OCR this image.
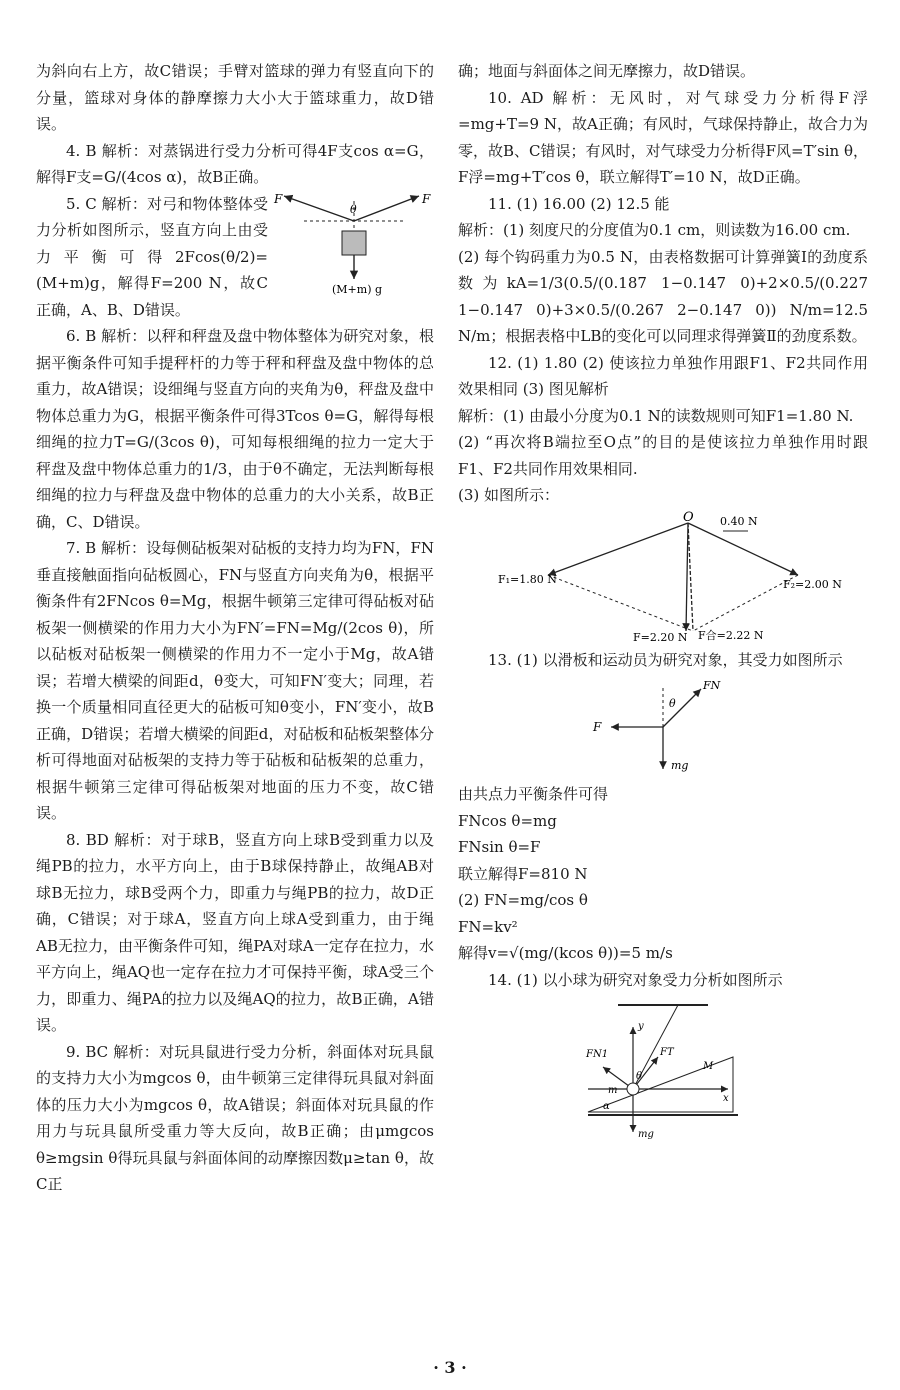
为斜向右上方，故C错误；手臂对篮球的弹力有竖直向下的分量，篮球对身体的静摩擦力大小大于篮球重力，故D错误。

4. B 解析：对蒸锅进行受力分析可得4F支cos α=G，解得F支=G/(4cos α)，故B正确。

F	F
θ
(M+m) g

5. C 解析：对弓和物体整体受力分析如图所示，竖直方向上由受力平衡可得2Fcos(θ/2)=(M+m)g，解得F=200 N，故C正确，A、B、D错误。

6. B 解析：以秤和秤盘及盘中物体整体为研究对象，根据平衡条件可知手提秤杆的力等于秤和秤盘及盘中物体的总重力，故A错误；设细绳与竖直方向的夹角为θ，秤盘及盘中物体总重力为G，根据平衡条件可得3Tcos θ=G，解得每根细绳的拉力T=G/(3cos θ)，可知每根细绳的拉力一定大于秤盘及盘中物体总重力的1/3，由于θ不确定，无法判断每根细绳的拉力与秤盘及盘中物体的总重力的大小关系，故B正确，C、D错误。

7. B 解析：设每侧砧板架对砧板的支持力均为FN，FN垂直接触面指向砧板圆心，FN与竖直方向夹角为θ，根据平衡条件有2FNcos θ=Mg，根据牛顿第三定律可得砧板对砧板架一侧横梁的作用力大小为FN′=FN=Mg/(2cos θ)，所以砧板对砧板架一侧横梁的作用力不一定小于Mg，故A错误；若增大横梁的间距d，θ变大，可知FN′变大；同理，若换一个质量相同直径更大的砧板可知θ变小，FN′变小，故B正确，D错误；若增大横梁的间距d，对砧板和砧板架整体分析可得地面对砧板架的支持力等于砧板和砧板架的总重力，根据牛顿第三定律可得砧板架对地面的压力不变，故C错误。

8. BD 解析：对于球B，竖直方向上球B受到重力以及绳PB的拉力，水平方向上，由于B球保持静止，故绳AB对球B无拉力，球B受两个力，即重力与绳PB的拉力，故D正确，C错误；对于球A，竖直方向上球A受到重力，由于绳AB无拉力，由平衡条件可知，绳PA对球A一定存在拉力，水平方向上，绳AQ也一定存在拉力才可保持平衡，球A受三个力，即重力、绳PA的拉力以及绳AQ的拉力，故B正确，A错误。

9. BC 解析：对玩具鼠进行受力分析，斜面体对玩具鼠的支持力大小为mgcos θ，由牛顿第三定律得玩具鼠对斜面体的压力大小为mgcos θ，故A错误；斜面体对玩具鼠的作用力与玩具鼠所受重力等大反向，故B正确；由μmgcos θ≥mgsin θ得玩具鼠与斜面体间的动摩擦因数μ≥tan θ，故C正

确；地面与斜面体之间无摩擦力，故D错误。

10. AD 解析：无风时，对气球受力分析得F浮=mg+T=9 N，故A正确；有风时，气球保持静止，故合力为零，故B、C错误；有风时，对气球受力分析得F风=T′sin θ，F浮=mg+T′cos θ，联立解得T′=10 N，故D正确。

11. (1) 16.00 (2) 12.5 能

解析：(1) 刻度尺的分度值为0.1 cm，则读数为16.00 cm.

(2) 每个钩码重力为0.5 N，由表格数据可计算弹簧Ⅰ的劲度系数为kA=1/3(0.5/(0.187 1−0.147 0)+2×0.5/(0.227 1−0.147 0)+3×0.5/(0.267 2−0.147 0)) N/m=12.5 N/m；根据表格中LB的变化可以同理求得弹簧Ⅱ的劲度系数。

12. (1) 1.80 (2) 使该拉力单独作用跟F1、F2共同作用效果相同 (3) 图见解析

解析：(1) 由最小分度为0.1 N的读数规则可知F1=1.80 N.

(2) “再次将B端拉至O点”的目的是使该拉力单独作用时跟F1、F2共同作用效果相同.

(3) 如图所示：

O 0.40 N
F₁=1.80 N	F₂=2.00 N
F=2.20 N F合=2.22 N

13. (1) 以滑板和运动员为研究对象，其受力如图所示

FN
θ
F
mg

由共点力平衡条件可得

FNcos θ=mg

FNsin θ=F

联立解得F=810 N

(2) FN=mg/cos θ

FN=kv²

解得v=√(mg/(kcos θ))=5 m/s

14. (1) 以小球为研究对象受力分析如图所示

FN1
y
FT
M
m
x
α
θ
mg
· 3 ·
